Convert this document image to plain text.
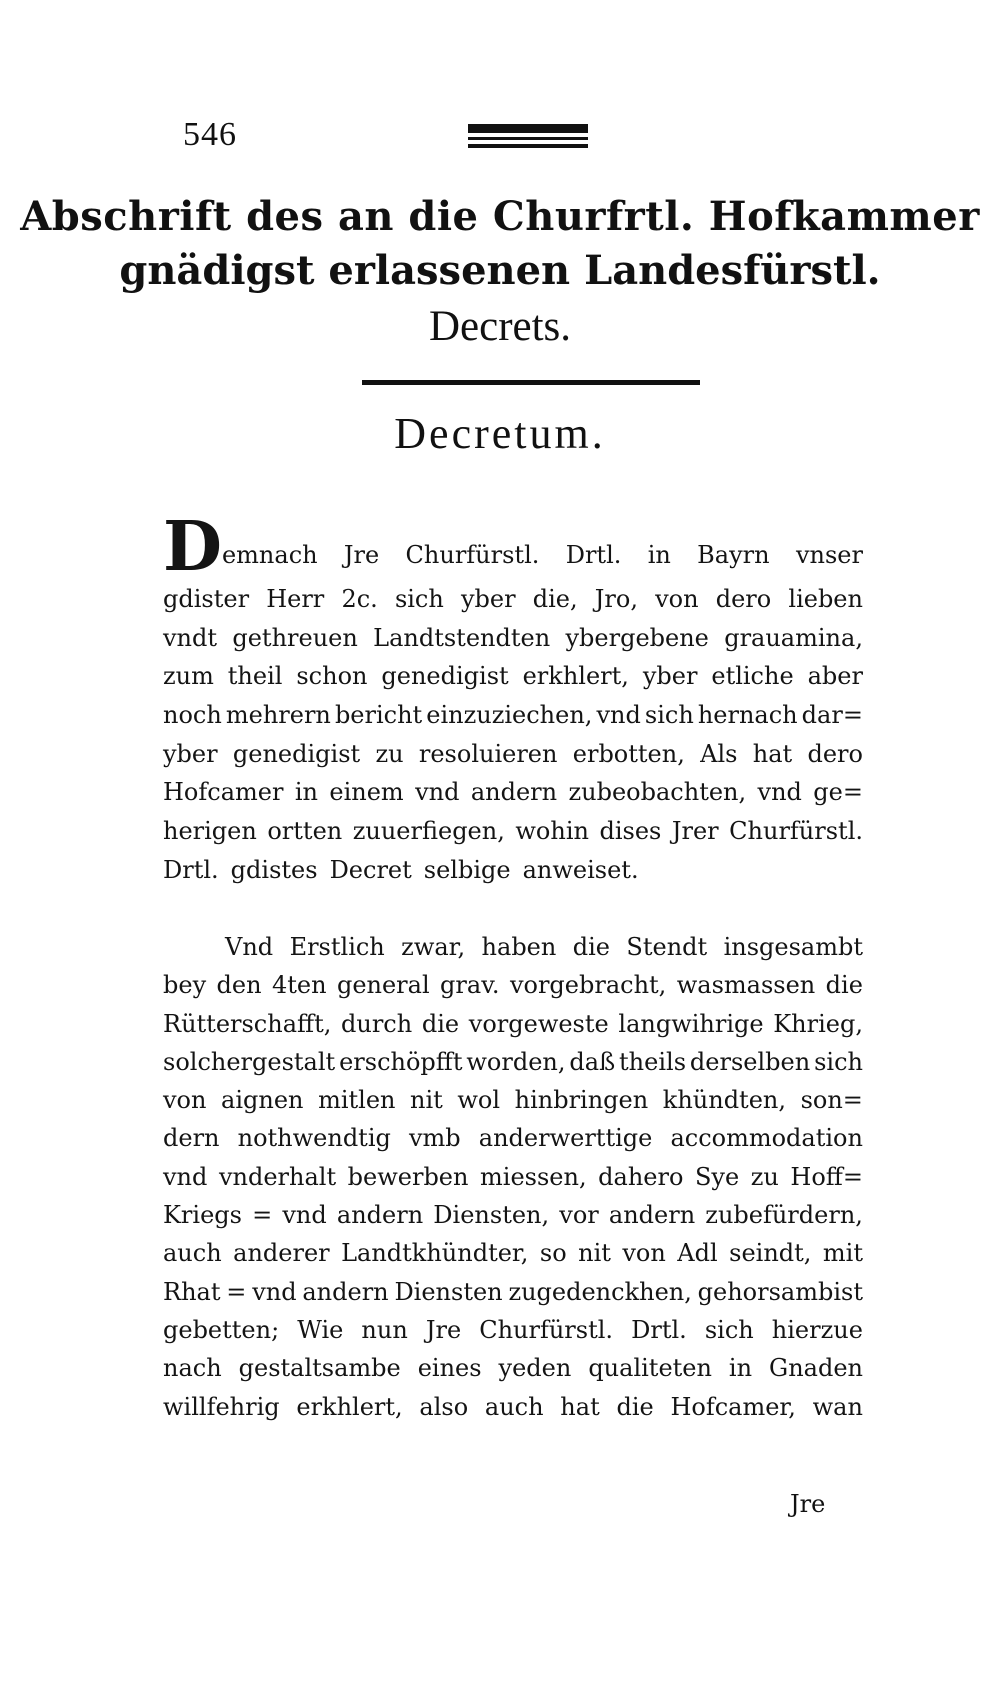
546
Abschrift des an die Churfrtl. Hofkammer
gnädigst erlassenen Landesfürstl.
Decrets.
Decretum.
D emnach Jre Churfürstl. Drtl. in Bayrn vnser
gdister Herr 2c. sich yber die, Jro, von dero lieben
vndt gethreuen Landtstendten ybergebene grauamina,
zum theil schon genedigist erkhlert, yber etliche aber
noch mehrern bericht einzuziechen, vnd sich hernach dar=
yber genedigist zu resoluieren erbotten, Als hat dero
Hofcamer in einem vnd andern zubeobachten, vnd ge=
herigen ortten zuuerfiegen, wohin dises Jrer Churfürstl.
Drtl. gdistes Decret selbige anweiset.
Vnd Erstlich zwar, haben die Stendt insgesambt
bey den 4ten general grav. vorgebracht, wasmassen die
Rütterschafft, durch die vorgeweste langwihrige Khrieg,
solchergestalt erschöpfft worden, daß theils derselben sich
von aignen mitlen nit wol hinbringen khündten, son=
dern nothwendtig vmb anderwerttige accommodation
vnd vnderhalt bewerben miessen, dahero Sye zu Hoff=
Kriegs = vnd andern Diensten, vor andern zubefürdern,
auch anderer Landtkhündter, so nit von Adl seindt, mit
Rhat = vnd andern Diensten zugedenckhen, gehorsambist
gebetten; Wie nun Jre Churfürstl. Drtl. sich hierzue
nach gestaltsambe eines yeden qualiteten in Gnaden
willfehrig erkhlert, also auch hat die Hofcamer, wan
Jre
